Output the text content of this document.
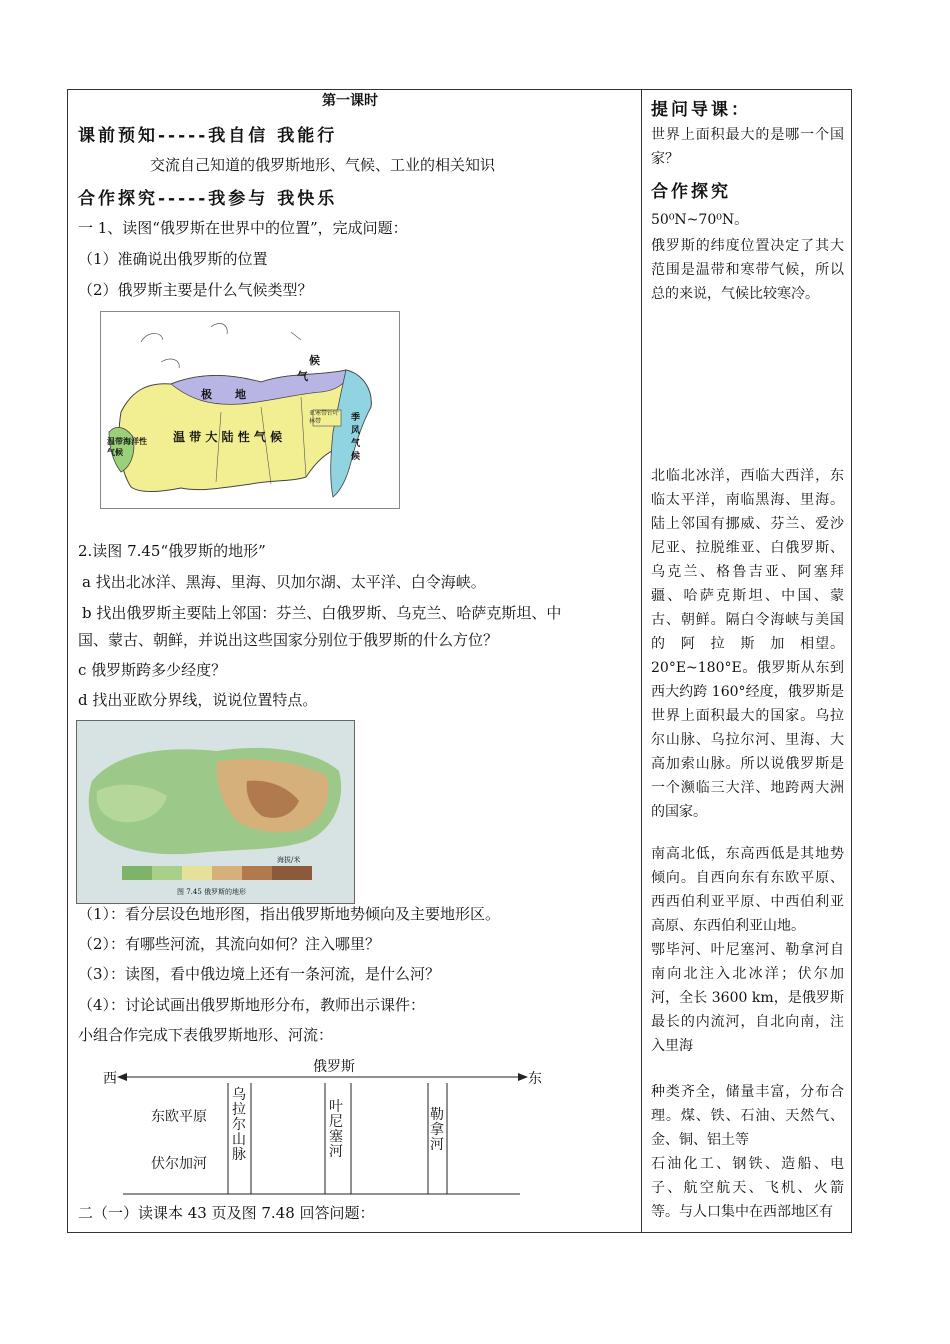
第一课时
课前预知-----我自信 我能行
交流自己知道的俄罗斯地形、气候、工业的相关知识
合作探究-----我参与 我快乐
一 1、读图“俄罗斯在世界中的位置”，完成问题：
（1）准确说出俄罗斯的位置
（2）俄罗斯主要是什么气候类型？
极　地
气
候
温 带 大 陆 性 气 候
温带海洋性气候
季 风 气 候
亚寒带针叶林带
2.读图 7.45“俄罗斯的地形”
a 找出北冰洋、黑海、里海、贝加尔湖、太平洋、白令海峡。
b 找出俄罗斯主要陆上邻国：芬兰、白俄罗斯、乌克兰、哈萨克斯坦、中
国、蒙古、朝鲜，并说出这些国家分别位于俄罗斯的什么方位？
c 俄罗斯跨多少经度？
d 找出亚欧分界线，说说位置特点。
海拔/米
图 7.45 俄罗斯的地形
（1）：看分层设色地形图，指出俄罗斯地势倾向及主要地形区。
（2）：有哪些河流，其流向如何？注入哪里？
（3）：读图，看中俄边境上还有一条河流，是什么河？
（4）：讨论试画出俄罗斯地形分布，教师出示课件：
小组合作完成下表俄罗斯地形、河流：
俄罗斯
西	东
东欧平原
伏尔加河
乌拉尔山脉
叶尼塞河
勒拿河
二（一）读课本 43 页及图 7.48 回答问题：
提问导课：

世界上面积最大的是哪一个国家？

合作探究

50⁰N~70⁰N。

俄罗斯的纬度位置决定了其大范围是温带和寒带气候，所以总的来说，气候比较寒冷。

北临北冰洋，西临大西洋，东临太平洋，南临黑海、里海。陆上邻国有挪威、芬兰、爱沙尼亚、拉脱维亚、白俄罗斯、乌克兰、格鲁吉亚、阿塞拜疆、哈萨克斯坦、中国、蒙古、朝鲜。隔白令海峡与美国的　阿　拉　斯　加　相望。20°E~180°E。俄罗斯从东到西大约跨 160°经度，俄罗斯是世界上面积最大的国家。乌拉尔山脉、乌拉尔河、里海、大高加索山脉。所以说俄罗斯是一个濒临三大洋、地跨两大洲的国家。

南高北低，东高西低是其地势倾向。自西向东有东欧平原、西西伯利亚平原、中西伯利亚高原、东西伯利亚山地。

鄂毕河、叶尼塞河、勒拿河自南向北注入北冰洋；伏尔加河，全长 3600 km，是俄罗斯最长的内流河，自北向南，注入里海

种类齐全，储量丰富，分布合理。煤、铁、石油、天然气、金、铜、铝土等

石油化工、钢铁、造船、电子、航空航天、飞机、火箭等。与人口集中在西部地区有
